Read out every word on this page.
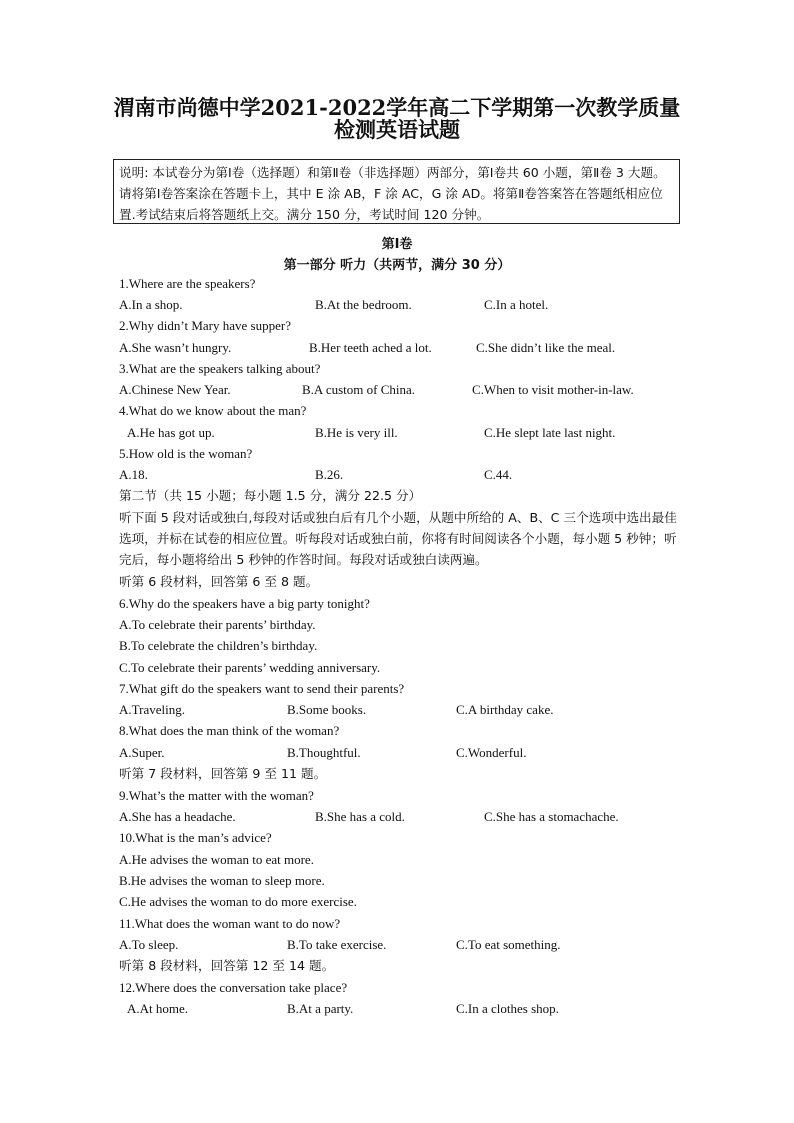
渭南市尚德中学2021-2022学年高二下学期第一次教学质量
检测英语试题
说明: 本试卷分为第Ⅰ卷（选择题）和第Ⅱ卷（非选择题）两部分，第Ⅰ卷共 60 小题，第Ⅱ卷 3 大题。请将第Ⅰ卷答案涂在答题卡上，其中 E 涂 AB，F 涂 AC，G 涂 AD。将第Ⅱ卷答案答在答题纸相应位置.考试结束后将答题纸上交。满分 150 分，考试时间 120 分钟。
第Ⅰ卷
第一部分 听力（共两节，满分 30 分）
1.Where are the speakers?
A.In a shop.	B.At the bedroom.	C.In a hotel.
2.Why didn’t Mary have supper?
A.She wasn’t hungry.	B.Her teeth ached a lot.	C.She didn’t like the meal.
3.What are the speakers talking about?
A.Chinese New Year.	B.A custom of China.	C.When to visit mother-in-law.
4.What do we know about the man?
A.He has got up.	B.He is very ill.	C.He slept late last night.
5.How old is the woman?
A.18.	B.26.	C.44.
第二节（共 15 小题；每小题 1.5 分，满分 22.5 分）
听下面 5 段对话或独白,每段对话或独白后有几个小题，从题中所给的 A、B、C 三个选项中选出最佳选项，并标在试卷的相应位置。听每段对话或独白前，你将有时间阅读各个小题，每小题 5 秒钟；听完后，每小题将给出 5 秒钟的作答时间。每段对话或独白读两遍。
听第 6 段材料，回答第 6 至 8 题。
6.Why do the speakers have a big party tonight?
A.To celebrate their parents’ birthday.
B.To celebrate the children’s birthday.
C.To celebrate their parents’ wedding anniversary.
7.What gift do the speakers want to send their parents?
A.Traveling.	B.Some books.	C.A birthday cake.
8.What does the man think of the woman?
A.Super.	B.Thoughtful.	C.Wonderful.
听第 7 段材料，回答第 9 至 11 题。
9.What’s the matter with the woman?
A.She has a headache.	B.She has a cold.	C.She has a stomachache.
10.What is the man’s advice?
A.He advises the woman to eat more.
B.He advises the woman to sleep more.
C.He advises the woman to do more exercise.
11.What does the woman want to do now?
A.To sleep.	B.To take exercise.	C.To eat something.
听第 8 段材料，回答第 12 至 14 题。
12.Where does the conversation take place?
A.At home.	B.At a party.	C.In a clothes shop.
